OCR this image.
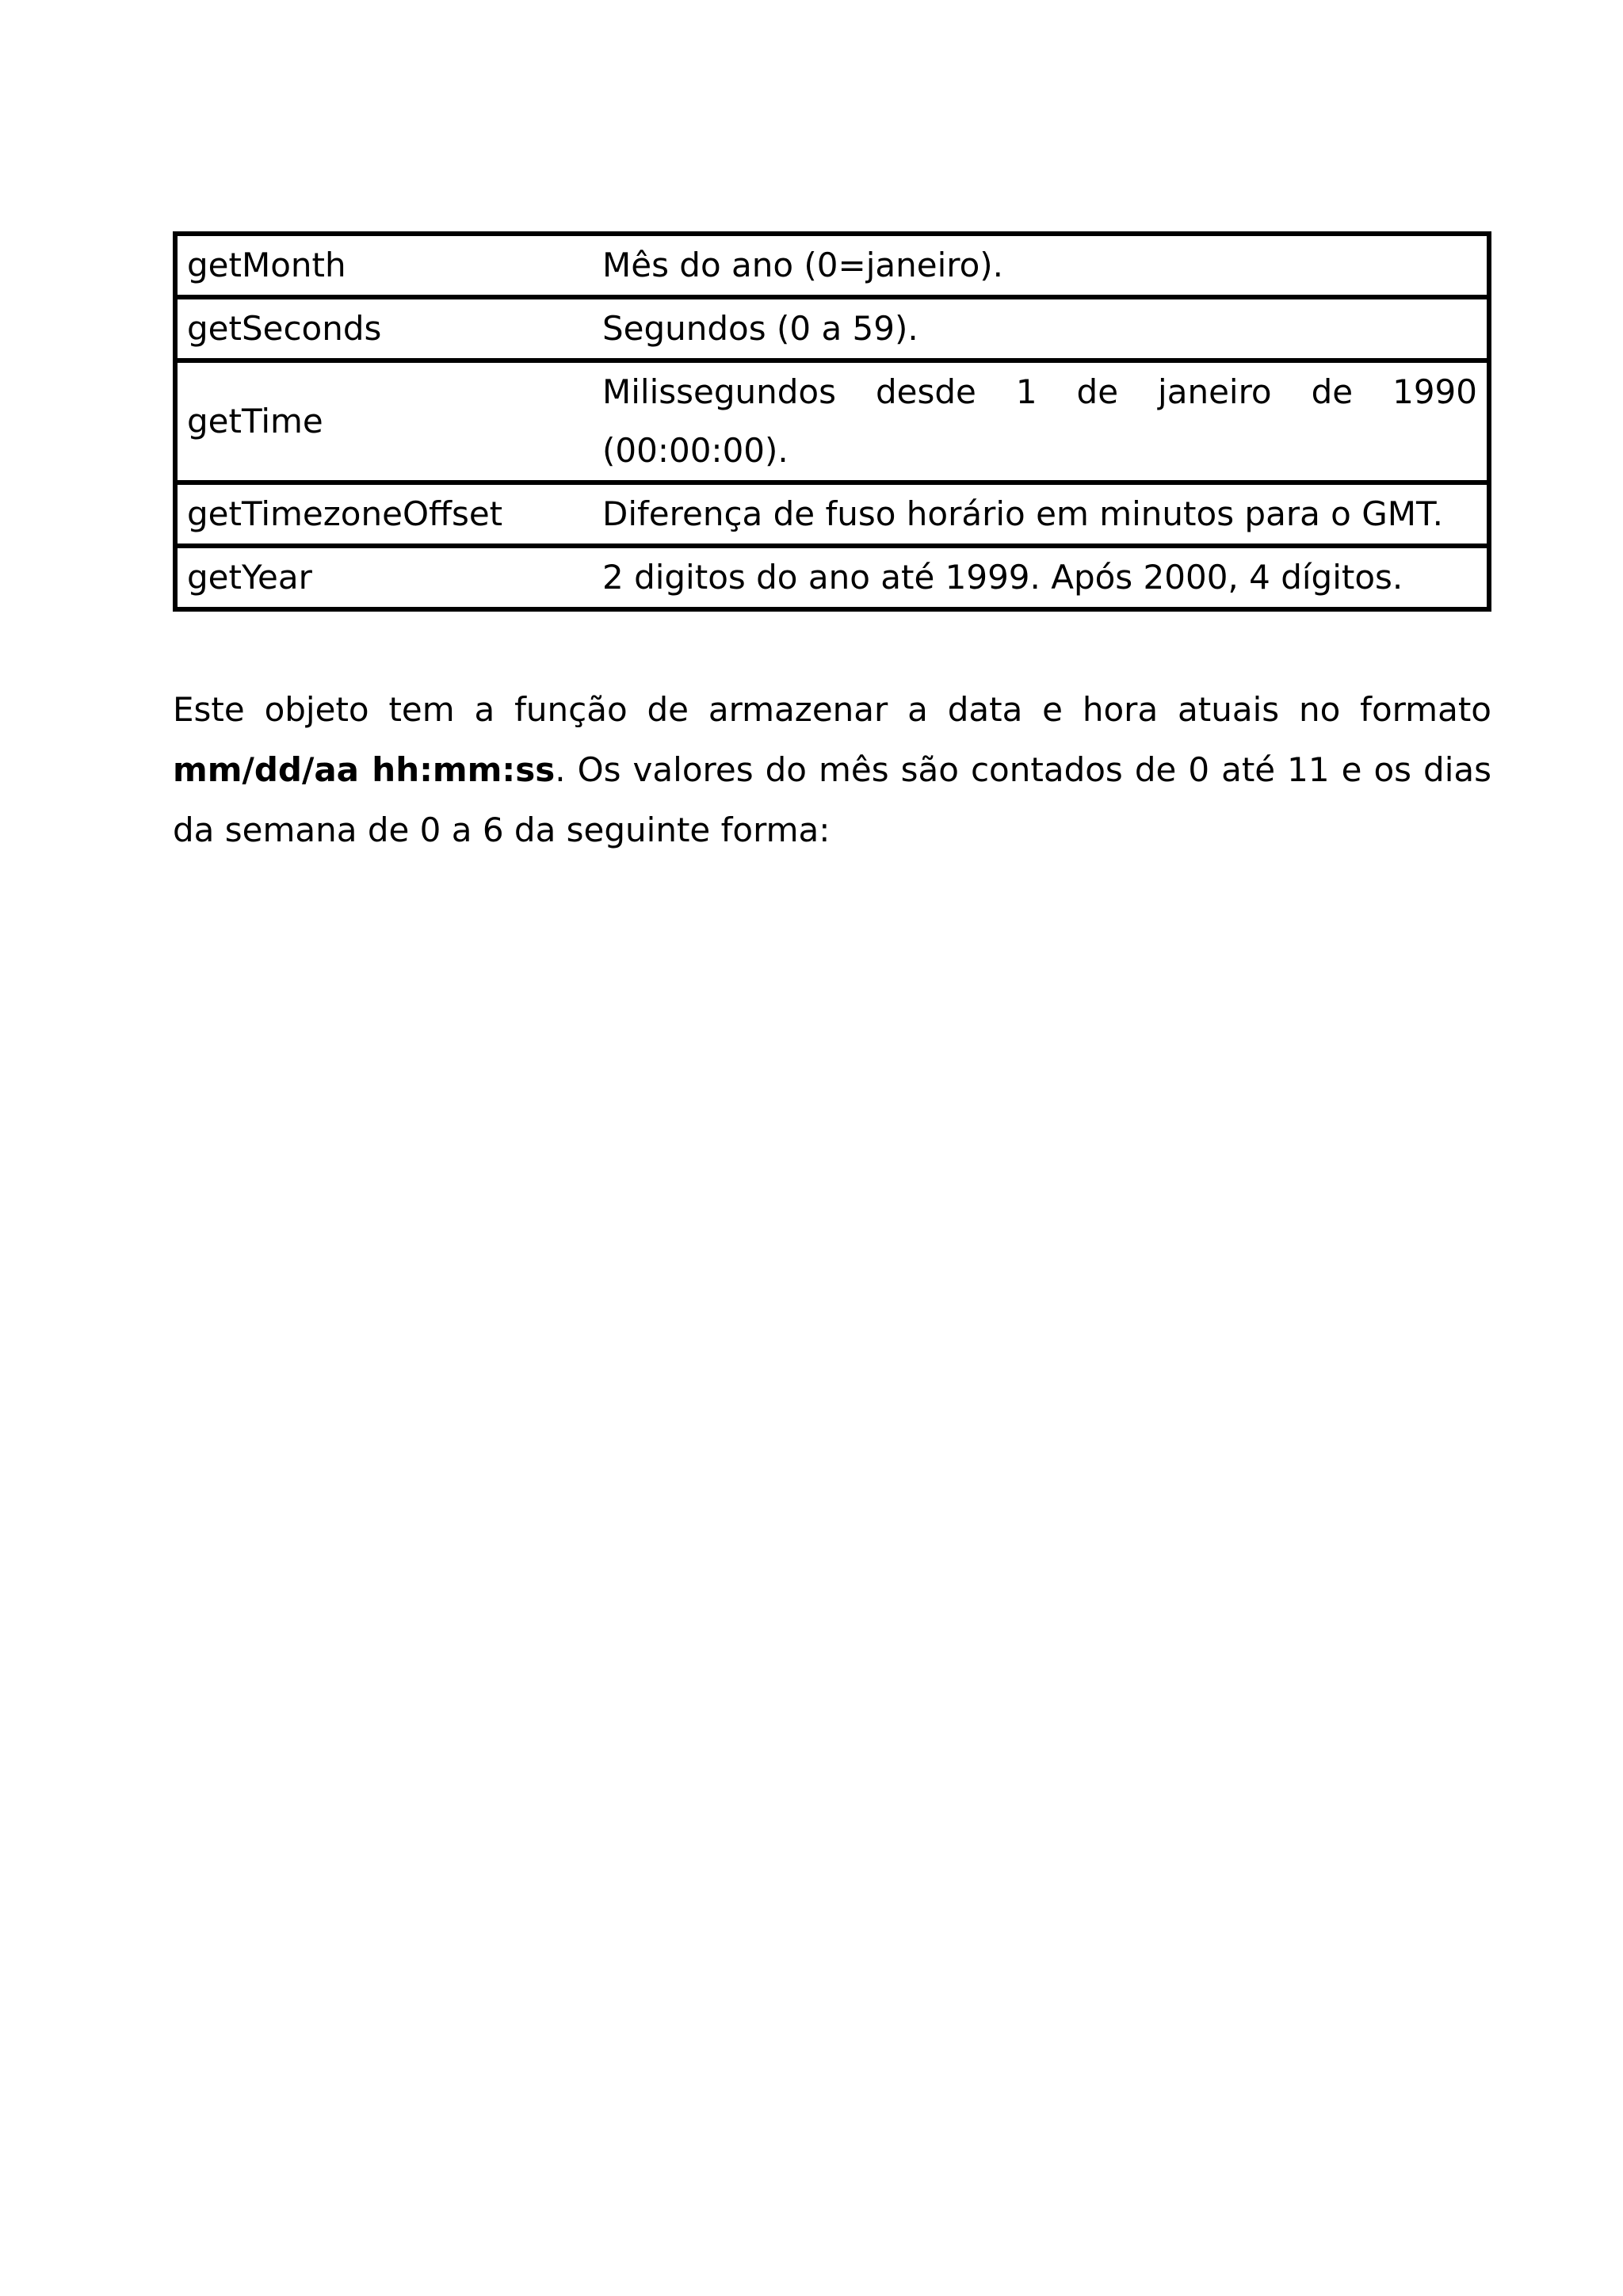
getMonth	Mês do ano (0=janeiro).
getSeconds	Segundos (0 a 59).
getTime	Milissegundos desde 1 de janeiro de 1990 (00:00:00).
getTimezoneOffset	Diferença de fuso horário em minutos para o GMT.
getYear	2 digitos do ano até 1999. Após 2000, 4 dígitos.

Este objeto tem a função de armazenar a data e hora atuais no formato mm/dd/aa hh:mm:ss. Os valores do mês são contados de 0 até 11 e os dias da semana de 0 a 6 da seguinte forma:
